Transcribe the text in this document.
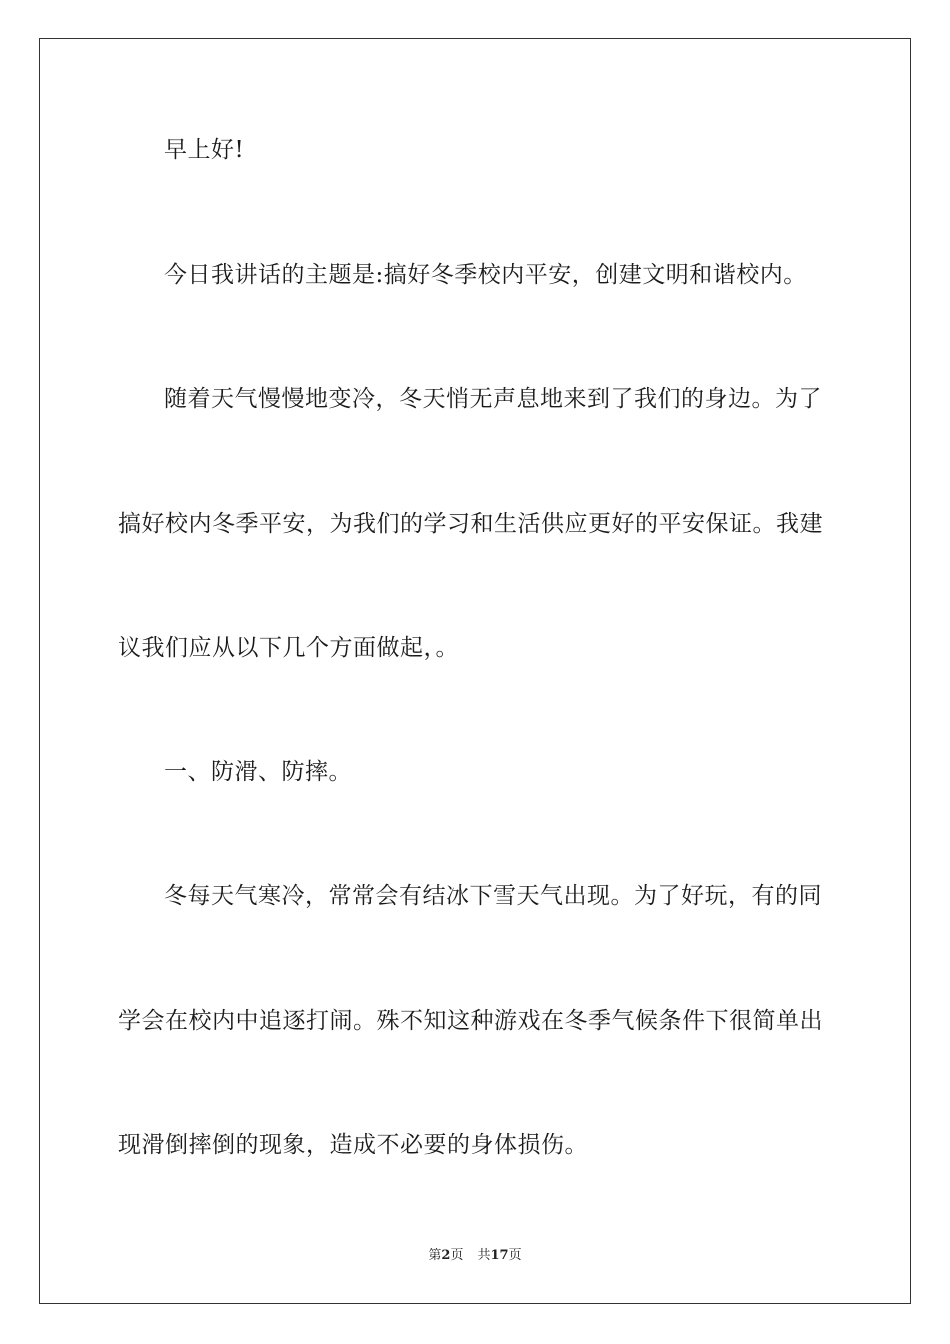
早上好!
今日我讲话的主题是:搞好冬季校内平安，创建文明和谐校内。
随着天气慢慢地变冷，冬天悄无声息地来到了我们的身边。为了
搞好校内冬季平安，为我们的学习和生活供应更好的平安保证。我建
议我们应从以下几个方面做起，。
一、防滑、防摔。
冬每天气寒冷，常常会有结冰下雪天气出现。为了好玩，有的同
学会在校内中追逐打闹。殊不知这种游戏在冬季气候条件下很简单出
现滑倒摔倒的现象，造成不必要的身体损伤。
第2页 共17页
